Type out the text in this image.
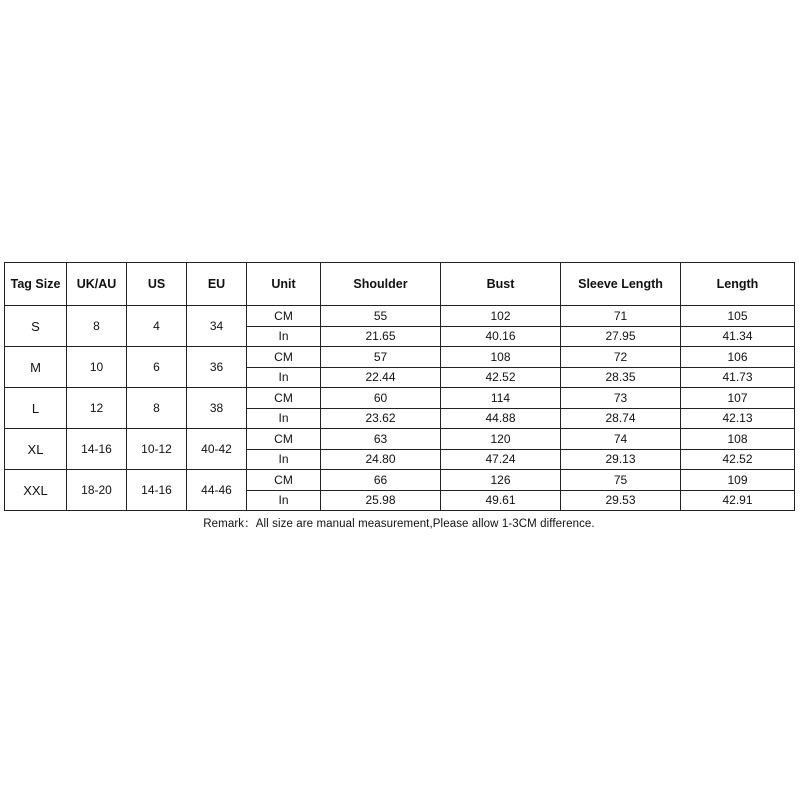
Tag Size	UK/AU	US	EU	Unit	Shoulder	Bust	Sleeve Length	Length
S	8	4	34	CM	55	102	71	105
				In	21.65	40.16	27.95	41.34
M	10	6	36	CM	57	108	72	106
				In	22.44	42.52	28.35	41.73
L	12	8	38	CM	60	114	73	107
				In	23.62	44.88	28.74	42.13
XL	14-16	10-12	40-42	CM	63	120	74	108
				In	24.80	47.24	29.13	42.52
XXL	18-20	14-16	44-46	CM	66	126	75	109
				In	25.98	49.61	29.53	42.91
Remark：All size are manual measurement,Please allow 1-3CM difference.
